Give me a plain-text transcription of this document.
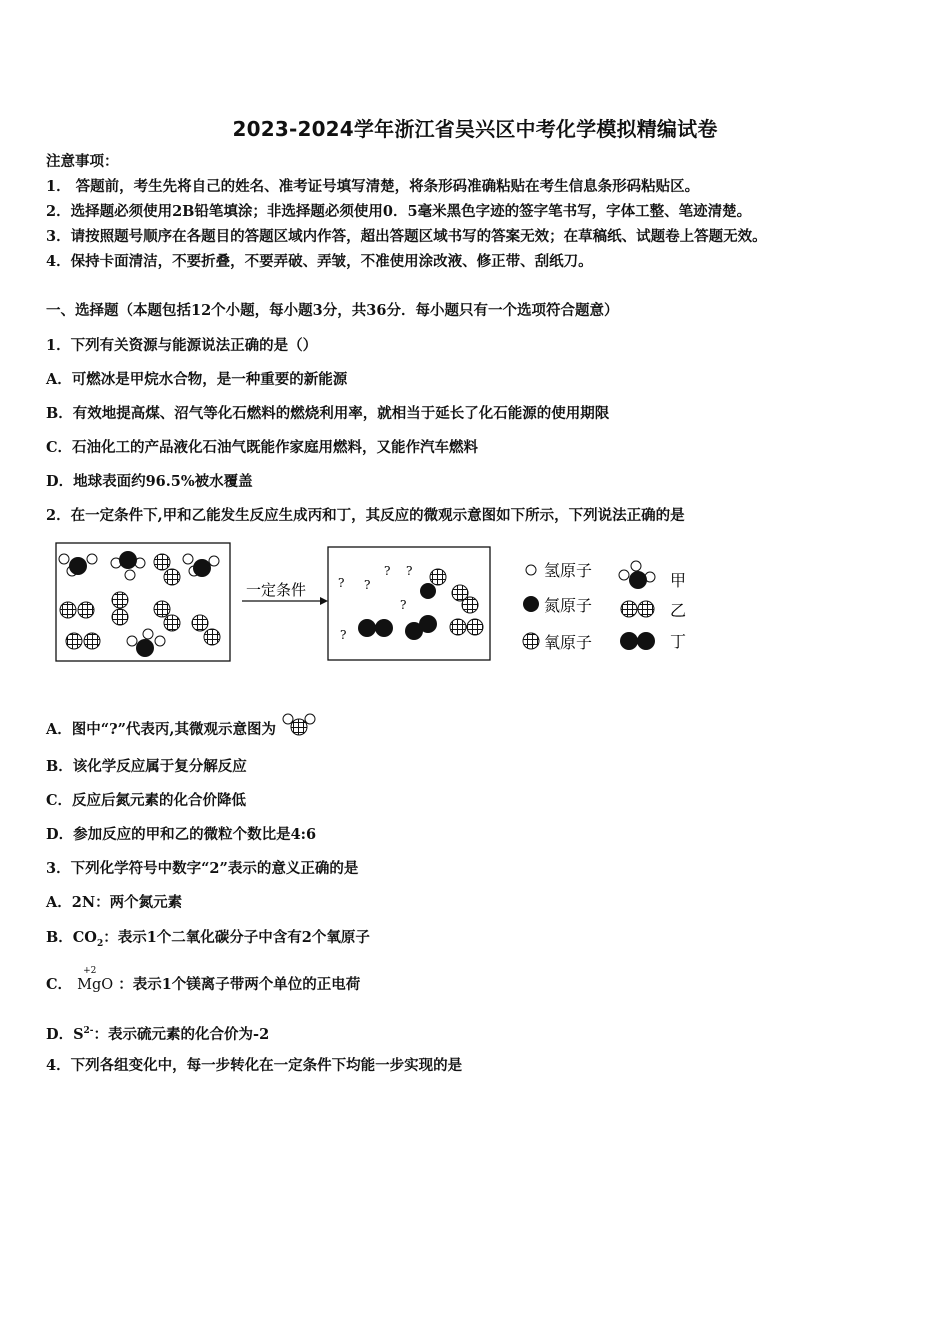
2023-2024学年浙江省吴兴区中考化学模拟精编试卷
注意事项：
1． 答题前，考生先将自己的姓名、准考证号填写清楚，将条形码准确粘贴在考生信息条形码粘贴区。
2．选择题必须使用2B铅笔填涂；非选择题必须使用0．5毫米黑色字迹的签字笔书写，字体工整、笔迹清楚。
3．请按照题号顺序在各题目的答题区域内作答，超出答题区域书写的答案无效；在草稿纸、试题卷上答题无效。
4．保持卡面清洁，不要折叠，不要弄破、弄皱，不准使用涂改液、修正带、刮纸刀。
一、选择题（本题包括12个小题，每小题3分，共36分．每小题只有一个选项符合题意）
1．下列有关资源与能源说法正确的是（）
A．可燃冰是甲烷水合物，是一种重要的新能源
B．有效地提高煤、沼气等化石燃料的燃烧利用率，就相当于延长了化石能源的使用期限
C．石油化工的产品液化石油气既能作家庭用燃料，又能作汽车燃料
D．地球表面约96.5%被水覆盖
2．在一定条件下,甲和乙能发生反应生成丙和丁，其反应的微观示意图如下所示，下列说法正确的是
一定条件	? ?
? ?
?
?
氢原子
氮原子
氧原子
甲
乙
丁
A．图中“?”代表丙,其微观示意图为
B．该化学反应属于复分解反应
C．反应后氮元素的化合价降低
D．参加反应的甲和乙的微粒个数比是4:6
3．下列化学符号中数字“2”表示的意义正确的是
A．2N：两个氮元素
B．$CO_2$：表示1个二氧化碳分子中含有2个氧原子
C．
+2
MgO ：表示1个镁离子带两个单位的正电荷
D．$S^{2-}$：表示硫元素的化合价为-2
4．下列各组变化中，每一步转化在一定条件下均能一步实现的是
